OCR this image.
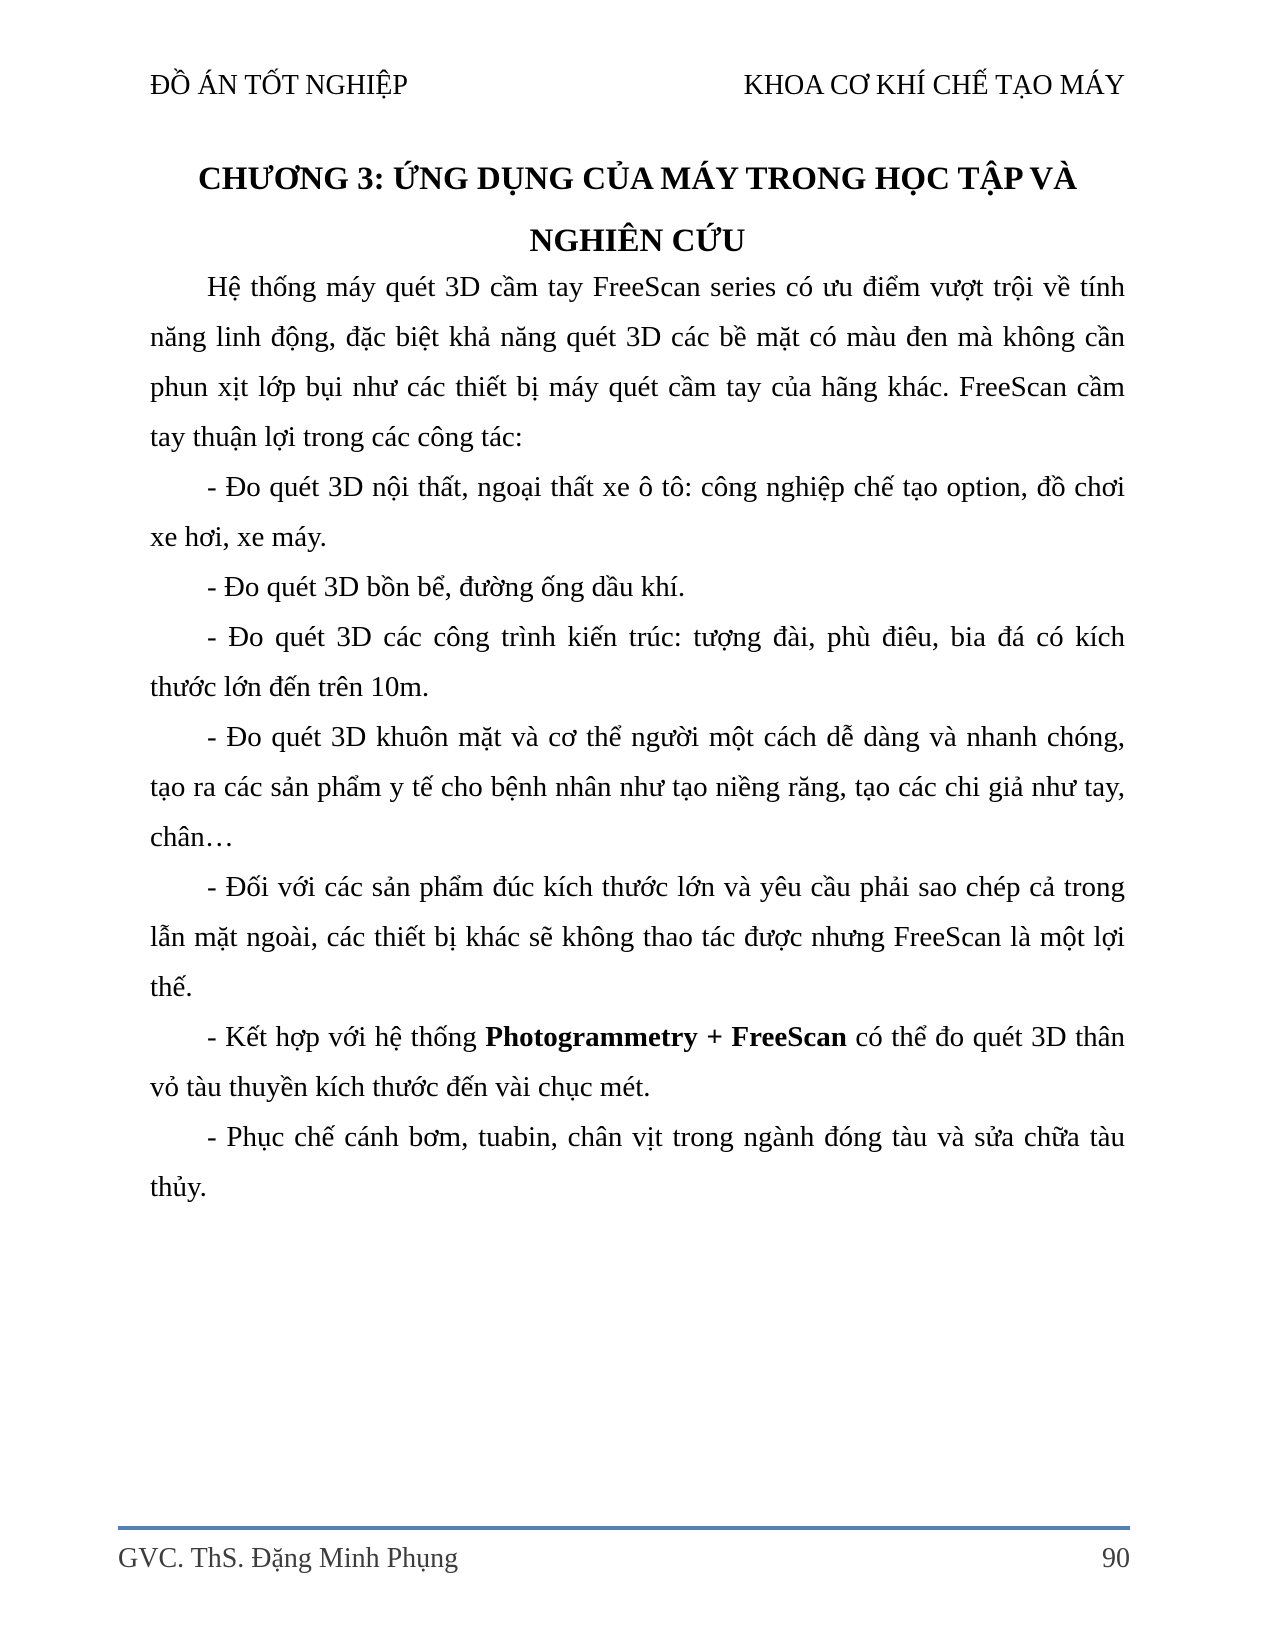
ĐỒ ÁN TỐT NGHIỆP	KHOA CƠ KHÍ CHẾ TẠO MÁY
CHƯƠNG 3: ỨNG DỤNG CỦA MÁY TRONG HỌC TẬP VÀ
NGHIÊN CỨU

Hệ thống máy quét 3D cầm tay FreeScan series có ưu điểm vượt trội về tính năng linh động, đặc biệt khả năng quét 3D các bề mặt có màu đen mà không cần phun xịt lớp bụi như các thiết bị máy quét cầm tay của hãng khác. FreeScan cầm tay thuận lợi trong các công tác:

- Đo quét 3D nội thất, ngoại thất xe ô tô: công nghiệp chế tạo option, đồ chơi xe hơi, xe máy.

- Đo quét 3D bồn bể, đường ống dầu khí.

- Đo quét 3D các công trình kiến trúc: tượng đài, phù điêu, bia đá có kích thước lớn đến trên 10m.

- Đo quét 3D khuôn mặt và cơ thể người một cách dễ dàng và nhanh chóng, tạo ra các sản phẩm y tế cho bệnh nhân như tạo niềng răng, tạo các chi giả như tay, chân…

- Đối với các sản phẩm đúc kích thước lớn và yêu cầu phải sao chép cả trong lẫn mặt ngoài, các thiết bị khác sẽ không thao tác được nhưng FreeScan là một lợi thế.

- Kết hợp với hệ thống Photogrammetry + FreeScan có thể đo quét 3D thân vỏ tàu thuyền kích thước đến vài chục mét.

- Phục chế cánh bơm, tuabin, chân vịt trong ngành đóng tàu và sửa chữa tàu thủy.

GVC. ThS. Đặng Minh Phụng	90
